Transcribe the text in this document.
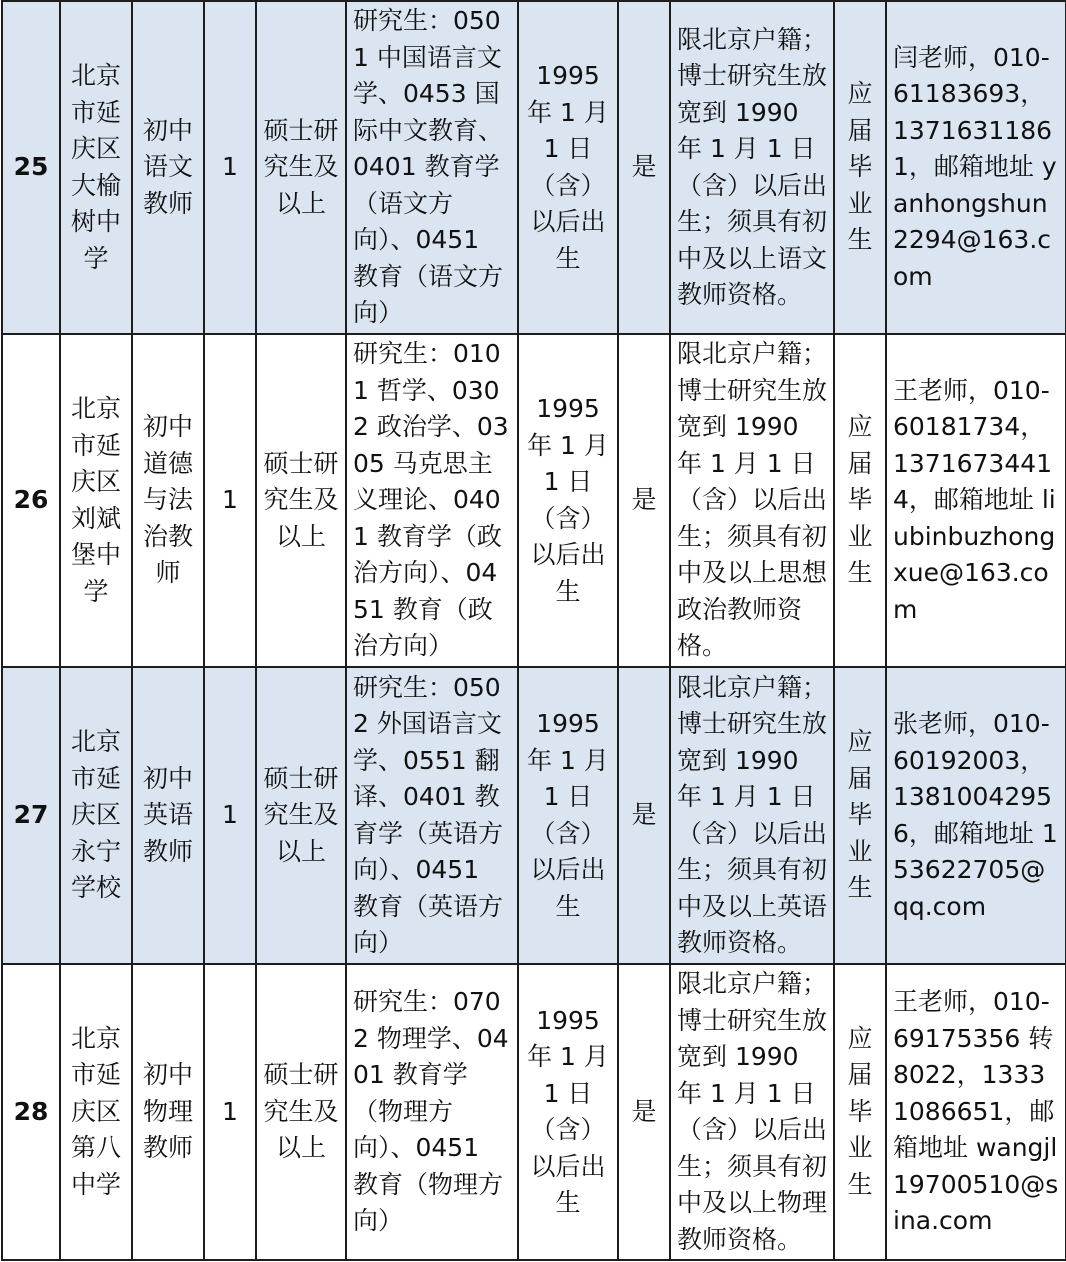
25	北京市延庆区大榆树中学	初中语文教师	1	硕士研究生及以上	研究生：0501 中国语言文学、0453 国际中文教育、0401 教育学（语文方向）、0451 教育（语文方向）	1995 年 1 月 1 日（含）以后出生	是	限北京户籍；博士研究生放宽到 1990 年 1 月 1 日（含）以后出生；须具有初中及以上语文教师资格。	应届毕业生	闫老师，010-61183693，13716311861，邮箱地址 yanhongshun2294@163.com
26	北京市延庆区刘斌堡中学	初中道德与法治教师	1	硕士研究生及以上	研究生：0101 哲学、0302 政治学、0305 马克思主义理论、0401 教育学（政治方向）、0451 教育（政治方向）	1995 年 1 月 1 日（含）以后出生	是	限北京户籍；博士研究生放宽到 1990 年 1 月 1 日（含）以后出生；须具有初中及以上思想政治教师资格。	应届毕业生	王老师，010-60181734，13716734414，邮箱地址 liubinbuzhongxue@163.com
27	北京市延庆区永宁学校	初中英语教师	1	硕士研究生及以上	研究生：0502 外国语言文学、0551 翻译、0401 教育学（英语方向）、0451 教育（英语方向）	1995 年 1 月 1 日（含）以后出生	是	限北京户籍；博士研究生放宽到 1990 年 1 月 1 日（含）以后出生；须具有初中及以上英语教师资格。	应届毕业生	张老师，010-60192003，13810042956，邮箱地址 153622705@qq.com
28	北京市延庆区第八中学	初中物理教师	1	硕士研究生及以上	研究生：0702 物理学、0401 教育学（物理方向）、0451 教育（物理方向）	1995 年 1 月 1 日（含）以后出生	是	限北京户籍；博士研究生放宽到 1990 年 1 月 1 日（含）以后出生；须具有初中及以上物理教师资格。	应届毕业生	王老师，010-69175356 转 8022，13331086651，邮箱地址 wangjl19700510@sina.com
